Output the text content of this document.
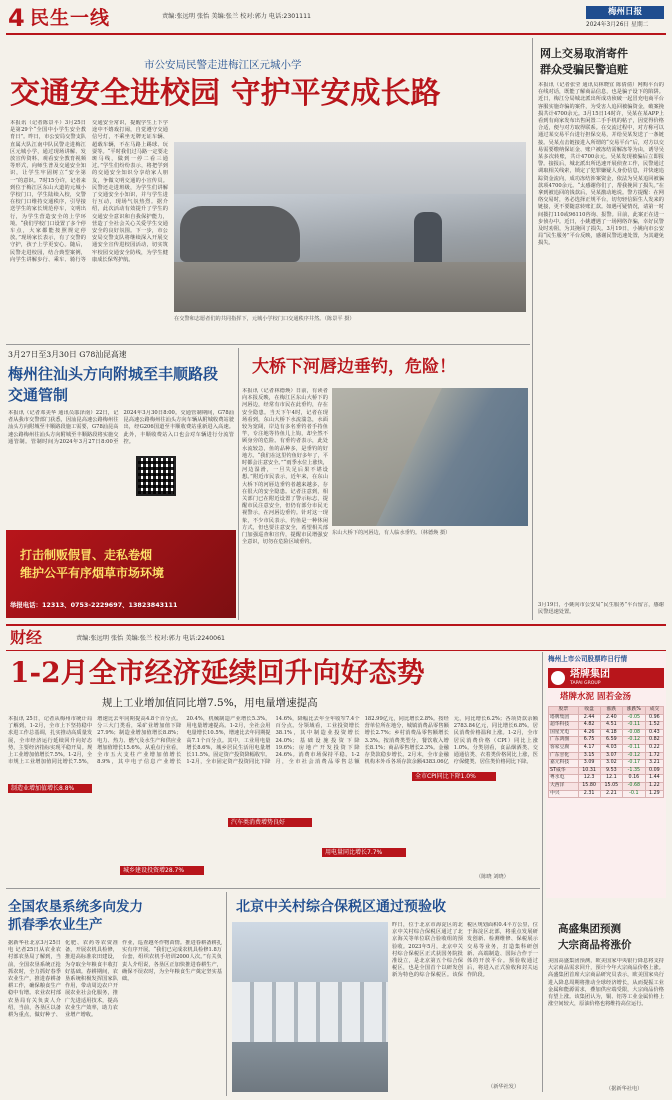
4 民生一线	责编:张远明 张怡 美编:张兰 校对:郭力 电话:2301111	梅州日报
2024年3月26日 星期二
市公安局民警走进梅江区元城小学
交通安全进校园 守护平安成长路
本报讯（记者陈景平）3月25日是第29个“全国中小学生安全教育日”。昨日，市公安局交警支队直属大队江南中队民警走进梅江区元城小学，通过现场讲解、发放宣传资料、观看安全教育视频等形式，向师生普及交通安全知识，让学生牢固树立“安全第一”的意识。7时15分许，记者来到位于梅江区东山大道的元城小学校门口，学生陆续入校，交警在校门口维持交通秩序，引导接送学生的家长规范停车，文明出行，为学生营造安全的上学环境。“我们学校门口设置了多个停车点，大家都能按照规定停放。”现场家长表示，有了交警的守护，孩子上学更安心。随后，民警走进校园，结合典型案例，向学生讲解步行、乘车、骑行等交通安全常识，提醒学生上下学途中不嬉戏打闹，自觉遵守交通信号灯，不乘坐无牌无证车辆、超载车辆，不在马路上踢球、玩耍等。“平时我们过马路一定要走斑马线，做到一停二看三通过。”学生们纷纷表示，将把学到的交通安全知识分享给家人朋友，争做文明交通的小宣传员。民警还走进班级，为学生们讲解了交通安全小知识，并与学生进行互动，现场气氛热烈。据介绍，此次活动有效提升了学生的交通安全意识和自我保护能力，营造了全社会关心关爱学生交通安全的良好氛围。下一步，市公安局交警支队将继续深入开展交通安全宣传进校园活动，切实筑牢校园交通安全防线，为学生健康成长保驾护航。
在交警和志愿者们的共同指挥下，元城小学校门口交通秩序井然。（陈景平 摄）
网上交易取消寄件
群众受骗民警追赃
本报讯（记者张莹 通讯员林晓宜 陈倩倩）网购平台的在线对话，既能了解商品信息，也是骗子设下的陷阱。近日，梅江分局城北派出所成功侦破一起冒充电商平台客服实施诈骗的案件，为受害人追回被骗资金，破案挽损共计4700余元。3月15日14时许，吴某在某APP上看到有商家发布出售闲置二手手机的帖子，因觉得价格合适，便与对方取得联系。在交流过程中，对方称可以通过某交易平台进行担保交易，并给吴某发送了一条链接。吴某点击链接进入所谓的“交易平台”后，对方以交易需要缴纳保证金、账户被冻结需解冻等为由，诱导吴某多次转账，共计4700余元。吴某发现被骗后立即报警。接报后，城北派出所迅速开展侦查工作，民警通过调取相关线索，锁定了犯罪嫌疑人身份信息，并快速追踪资金流向，成功冻结涉案资金，依法为吴某追回被骗款项4700余元。“太感谢你们了，帮我挽回了损失。”在拿到被追回的钱款后，吴某激动地说。警方提醒：在网络交易时，务必选择正规平台，切勿轻信陌生人发来的链接，更不要随意转账汇款。如遇可疑情况，请第一时间拨打110或96110咨询、报警。目前，此案正在进一步侦办中。近日，小姚遭遇了一场网络诈骗，幸好民警及时劝阻，为其挽回了损失。3月19日，小姚向市公安局“民生服务”平台反映，感谢民警迅速处置，为其避免损失。
3月19日，小姚向市公安局“民生服务”平台留言，感谢民警迅速处置。
3月27日至3月30日 G78汕昆高速
梅州往汕头方向附城至丰顺路段交通管制
本报讯（记者邓美华 通讯员邬泽南）22日，记者从我市交警部门获悉，因汕昆高速公路梅州往汕头方向附城至丰顺路段施工需要，G78汕昆高速公路梅州往汕头方向附城至丰顺路段将实施交通管制。管制时间为2024年3月27日8:00至2024年3月30日8:00。交通管制期间，G78汕昆高速公路梅州往汕头方向车辆从附城收费站驶出，经G206国道至丰顺收费站重新进入高速。此外，丰顺收费站入口也会对车辆进行分流管控。
打击制贩假冒、走私卷烟
维护公平有序烟草市场环境
举报电话：12313、0753-2229697、13823843111
大桥下河唇边垂钓，危险！
本报讯（记者林德焕）日前，有读者向本报反映，在梅江区东山大桥下的河唇边，经常有市民在此垂钓，存在安全隐患。当天下午4时，记者在现场看到，东山大桥下水流湍急，水面较为宽阔，岸边有多名垂钓者手持鱼竿，专注地等待鱼儿上钩，却全然不顾身旁的危险。有垂钓者表示，此处水流较急，鱼的品种多，是垂钓的好地方。“我们在这里钓鱼好多年了，平时都会注意安全。”“雨季水位上涨快，河边湿滑，一旦失足后果不堪设想。”附近市民表示，近年来，在东山大桥下的河唇边垂钓者越来越多，存在很大的安全隐患。记者注意到，相关部门已在附近设置了警示标志，提醒市民注意安全，但仍有部分市民无视警示，在河唇边垂钓。针对这一现象，不少市民表示，钓鱼是一种休闲方式，但也要注意安全，希望相关部门加强巡查和宣传，提醒市民增强安全意识，切勿在危险区域垂钓。
东山大桥下的河唇边，有人临水垂钓。（林德焕 摄）
财经	责编:张远明 张怡 美编:张兰 校对:郭力 电话:2240061
1-2月全市经济延续回升向好态势
规上工业增加值同比增7.5%，用电量增速提高
本报讯 25日，记者从梅州市统计局了解到，1-2月，全市上下坚持稳中求进工作总基调，扎实推动高质量发展，全市经济运行延续回升向好态势，主要经济指标实现平稳开局。规上工业增加值增长7.5%。1-2月，全市规上工业增加值同比增长7.5%，增速比去年同期提高4.8个百分点。分三大门类看，采矿业增加值下降27.9%；制造业增加值增长8.8%；电力、热力、燃气及水生产和供应业增加值增长15.6%。从重点行业看，全市五大支柱产业增加值增长8.9%，其中电子信息产业增长20.4%，机械制造产业增长5.3%。用电量增速提高。1-2月，全社会用电量增长10.5%，增速比去年同期提高7.1个百分点。其中，工业用电量增长8.6%，城乡居民生活用电量增长11.5%。固定资产投资降幅收窄。1-2月，全市固定资产投资同比下降14.6%，降幅比去年全年收窄7.4个百分点。分领域看，工业投资增长38.1%，其中制造业投资增长24.0%；基础设施投资下降19.6%；房地产开发投资下降24.6%。消费市场保持平稳。1-2月，全市社会消费品零售总额182.99亿元，同比增长2.8%。按经营单位所在地分，城镇消费品零售额增长2.7%；乡村消费品零售额增长3.3%。按消费类型分，餐饮收入增长8.1%；商品零售增长2.3%。金融存贷款稳步增长。2月末，全市金融机构本外币各项存款余额4383.06亿元，同比增长6.2%；各项贷款余额2783.84亿元，同比增长6.8%。居民消费价格温和上涨。1-2月，全市居民消费价格（CPI）同比上涨1.0%。分类别看，食品烟酒类、交通通信类、衣着类价格同比上涨，医疗保健类、居住类价格同比下降。
制造业增加值增长8.8%
城乡建设投资增28.7%
汽车类消费增势良好
用电量同比增长7.7%
全市CPI同比下降1.0%
（陈晓 刘晓）
梅州上市公司股票昨日行情
塔牌集团
TAPAI GROUP
塔牌水泥 固若金汤
股票	收盘	涨跌	涨跌%	成交
塔牌集团	2.44	2.40	-0.05	0.96
超华科技	4.82	4.51	-0.11	1.52
国星光电	4.26	4.18	-0.08	0.43
广东鸿图	6.75	6.59	-0.12	0.82
客家豆腐	4.17	4.03	-0.11	0.22
广东甘化	3.15	3.07	-0.12	1.72
嘉元科技	3.09	3.02	-0.17	3.21
ST威华	10.31	9.53	-1.35	0.09
粤水电	12.3	12.1	0.16	1.44
大西洋	15.80	15.05	-0.68	1.22
中兴	2.31	2.21	-0.1	1.29
全国农垦系统多向发力
抓春季农业生产
据新华社北京3月25日电 记者25日从农业农村部农垦局了解到，当前，全国农垦系统正抢抓农时，全力抓好春季农业生产，推进春耕备耕工作，确保粮食生产稳中有增。农业农村部农垦局有关负责人介绍，当前，各垦区以备耕为重点，做好种子、化肥、农药等农资准备，开展农机具检修，推进高标准农田建设，为夺取全年粮食丰收打好基础。春耕期间，农垦系统积极发挥国家队作用，带动周边农户开展农业社会化服务，推广先进适用技术，提高农业生产效率，助力农业增产增收。
作业，巡查越冬作物苗情。推进春耕备耕扎实有序开展。“我们已完成农机具检修1.8万台套，组织农机手培训2000人次。”有关负责人介绍说，各垦区正加快推进春耕生产，确保不误农时，为全年粮食生产奠定坚实基础。
北京中关村综合保税区通过预验收
昨日，位于北京市海淀区的北京中关村综合保税区通过了北京海关等单位联合验收组的预验收。2023年5月，北京中关村综合保税区正式获国务院批准设立，是北京第五个综合保税区，也是全国首个以研发创新为特色的综合保税区。该保税区规划面积0.4平方公里，位于海淀区北部，将重点发展研发创新、检测维修、保税展示交易等业务，打造集科研创新、高端制造、国际合作于一体的开放平台。预验收通过后，将进入正式验收和封关运作阶段。
（新华社发）
高盛集团预测
大宗商品将涨价
美国高盛集团预测，欧美国家中央银行降息将支持大宗商品需求回升，预计今年大宗商品价格上涨。高盛集团首席大宗商品研究员表示，欧美国家央行进入降息周期将推动全球经济增长，从而提振工业金属和能源需求，叠加供应端受限，大宗商品价格有望上涨。该集团认为，铜、铝等工业金属价格上涨空间较大，原油价格也将维持高位运行。
（据新华社电）
